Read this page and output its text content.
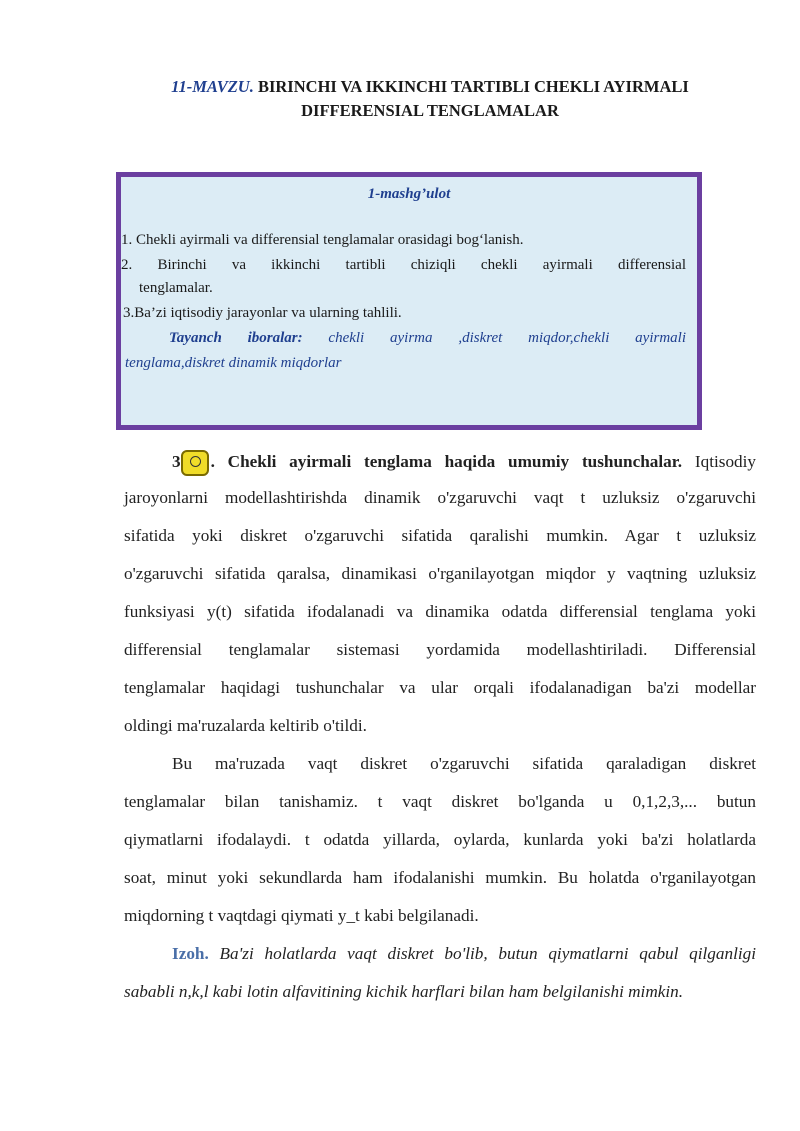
11-MAVZU. BIRINCHI VA IKKINCHI TARTIBLI CHEKLI AYIRMALI
DIFFERENSIAL TENGLAMALAR
1-mashg’ulot
1. Chekli ayirmali va differensial tenglamalar orasidagi bog‘lanish.
2. Birinchi va ikkinchi tartibli chiziqli chekli ayirmali differensial
tenglamalar.
3.Ba’zi iqtisodiy jarayonlar va ularning tahlili.
Tayanch iboralar: chekli ayirma ,diskret miqdor,chekli ayirmali
tenglama,diskret dinamik miqdorlar
3 . Chekli ayirmali tenglama haqida umumiy tushunchalar. Iqtisodiy
jaroyonlarni modellashtirishda dinamik o'zgaruvchi vaqt t uzluksiz o'zgaruvchi
sifatida yoki diskret o'zgaruvchi sifatida qaralishi mumkin. Agar t uzluksiz
o'zgaruvchi sifatida qaralsa, dinamikasi o'rganilayotgan miqdor y vaqtning uzluksiz
funksiyasi y(t) sifatida ifodalanadi va dinamika odatda differensial tenglama yoki
differensial tenglamalar sistemasi yordamida modellashtiriladi. Differensial
tenglamalar haqidagi tushunchalar va ular orqali ifodalanadigan ba'zi modellar
oldingi ma'ruzalarda keltirib o'tildi.
Bu ma'ruzada vaqt diskret o'zgaruvchi sifatida qaraladigan diskret
tenglamalar bilan tanishamiz. t vaqt diskret bo'lganda u 0,1,2,3,... butun
qiymatlarni ifodalaydi. t odatda yillarda, oylarda, kunlarda yoki ba'zi holatlarda
soat, minut yoki sekundlarda ham ifodalanishi mumkin. Bu holatda o'rganilayotgan
miqdorning t vaqtdagi qiymati y_t kabi belgilanadi.
Izoh. Ba'zi holatlarda vaqt diskret bo'lib, butun qiymatlarni qabul qilganligi
sababli n,k,l kabi lotin alfavitining kichik harflari bilan ham belgilanishi mimkin.
